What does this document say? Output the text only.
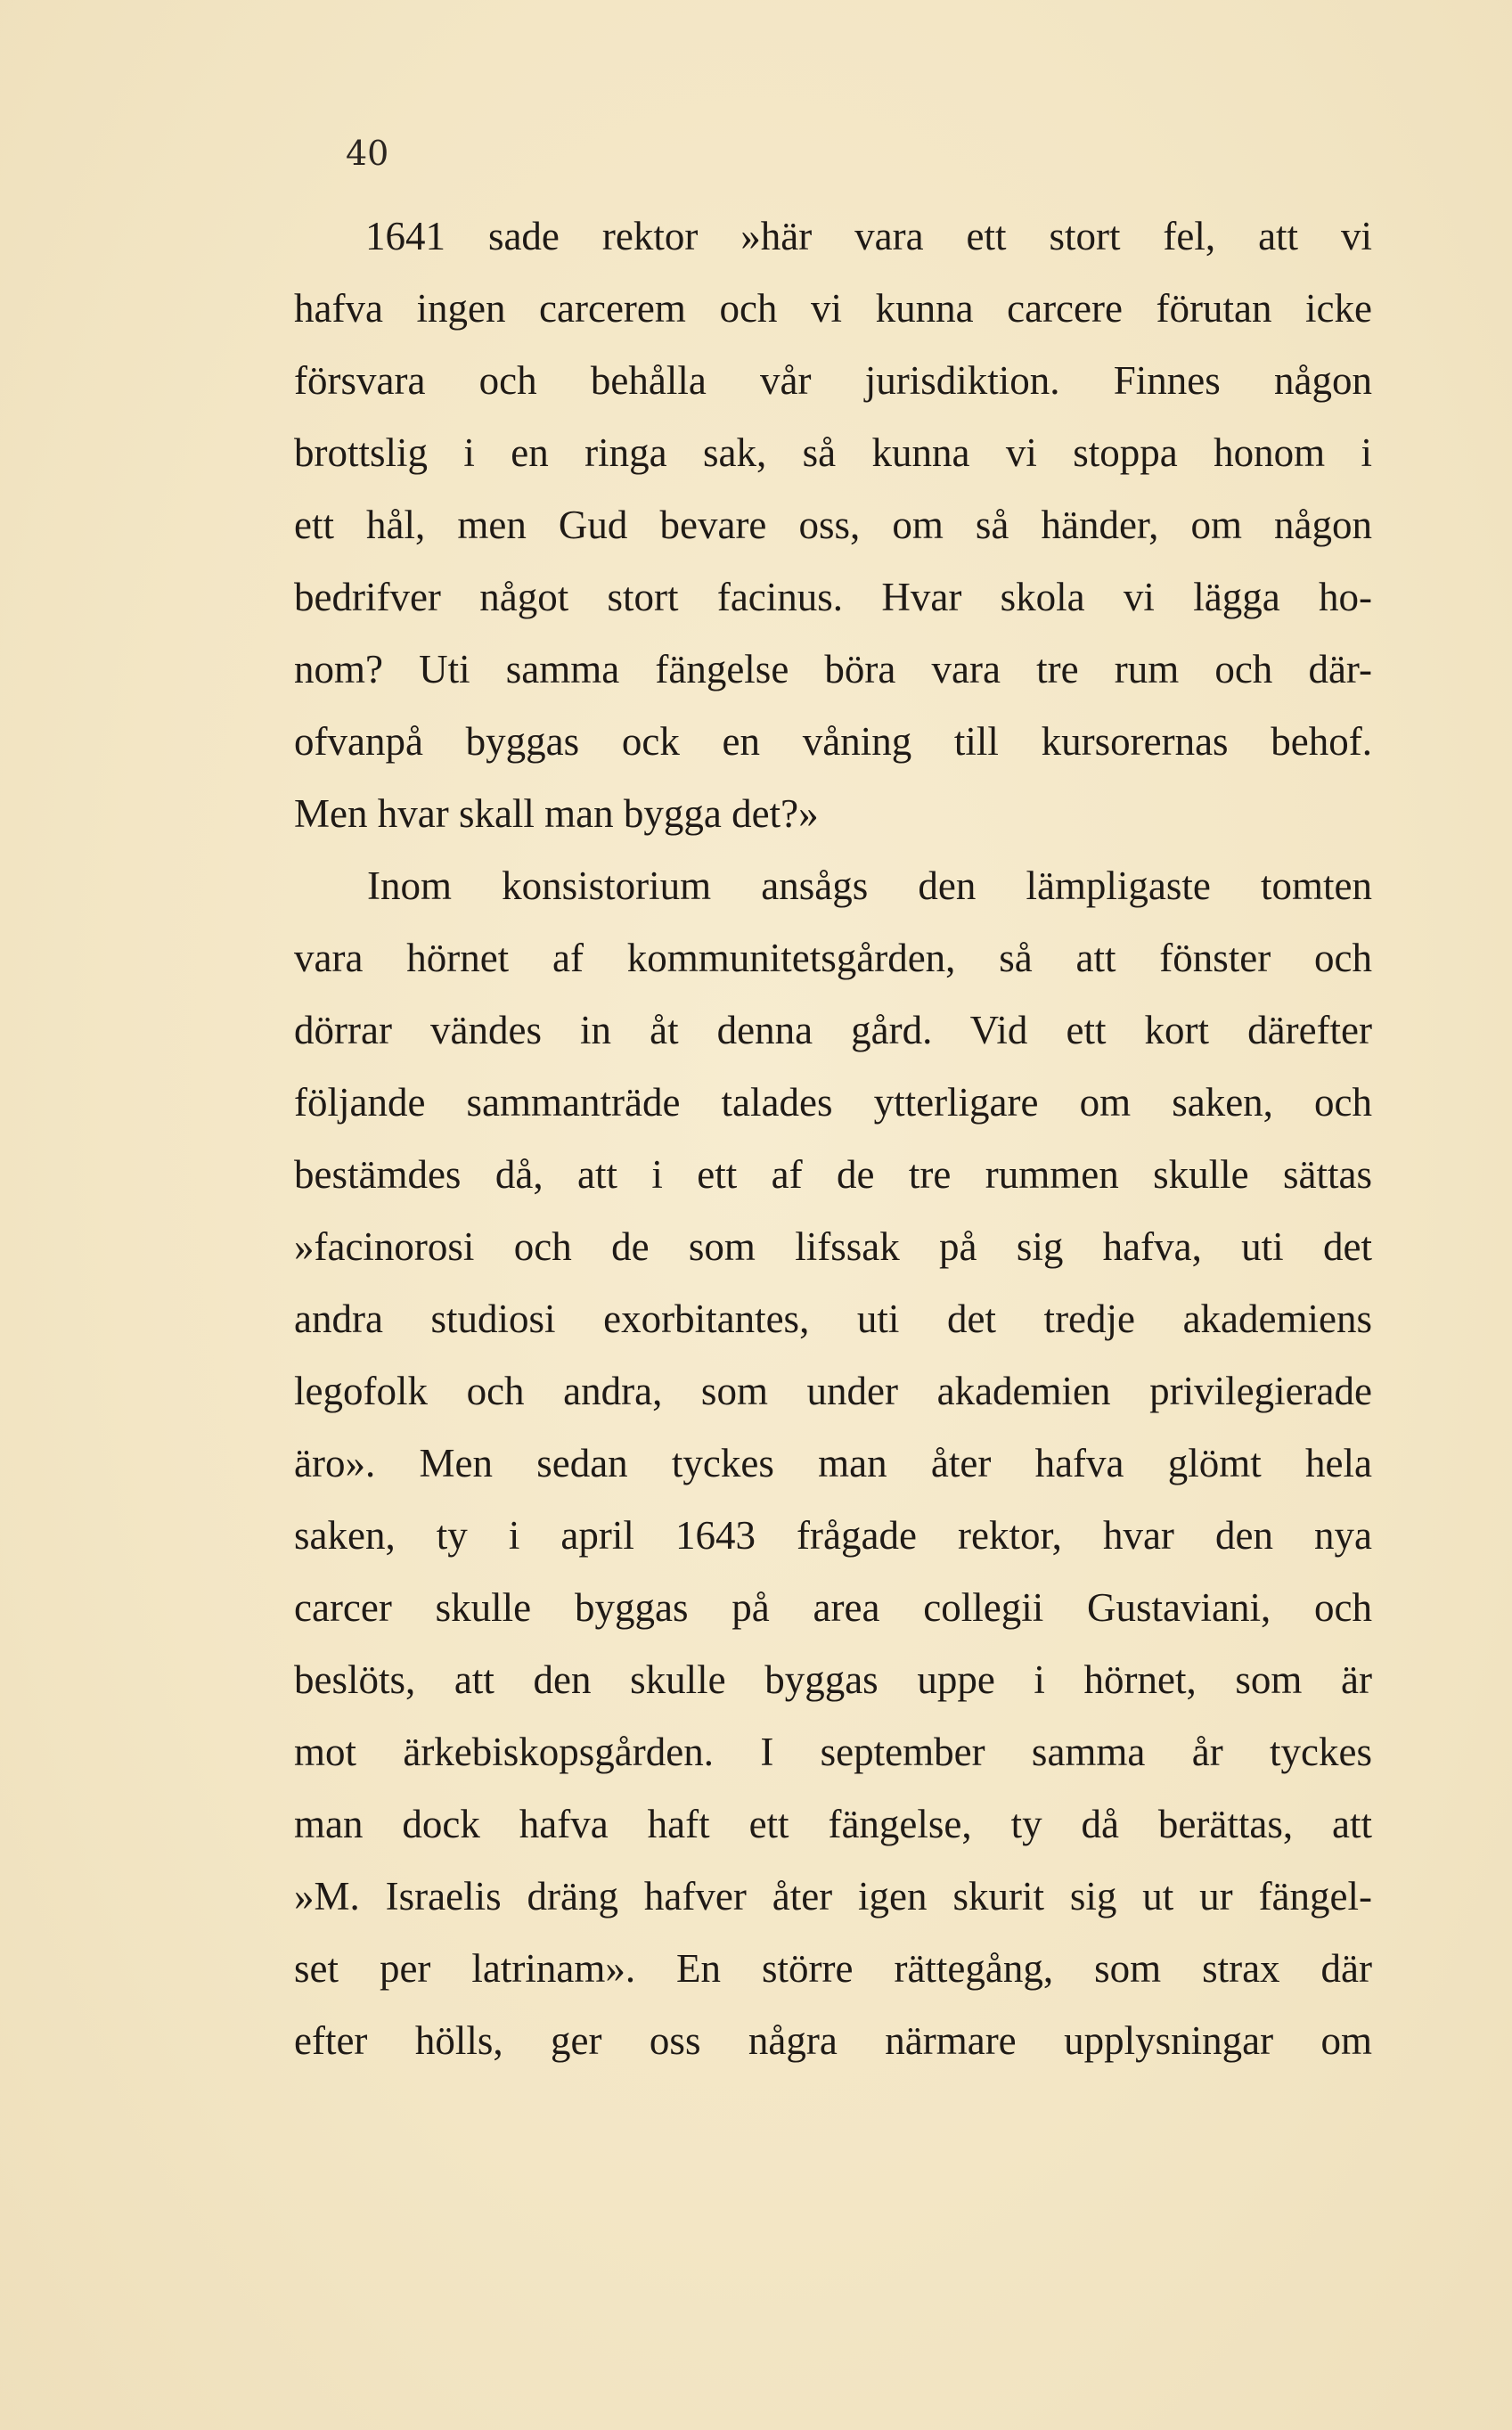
40

1641 sade rektor »här vara ett stort fel, att vi
hafva ingen carcerem och vi kunna carcere förutan icke
försvara och behålla vår jurisdiktion. Finnes någon
brottslig i en ringa sak, så kunna vi stoppa honom i
ett hål, men Gud bevare oss, om så händer, om någon
bedrifver något stort facinus. Hvar skola vi lägga ho-
nom? Uti samma fängelse böra vara tre rum och där-
ofvanpå byggas ock en våning till kursorernas behof.
Men hvar skall man bygga det?»
Inom konsistorium ansågs den lämpligaste tomten
vara hörnet af kommunitetsgården, så att fönster och
dörrar vändes in åt denna gård. Vid ett kort därefter
följande sammanträde talades ytterligare om saken, och
bestämdes då, att i ett af de tre rummen skulle sättas
»facinorosi och de som lifssak på sig hafva, uti det
andra studiosi exorbitantes, uti det tredje akademiens
legofolk och andra, som under akademien privilegierade
äro». Men sedan tyckes man åter hafva glömt hela
saken, ty i april 1643 frågade rektor, hvar den nya
carcer skulle byggas på area collegii Gustaviani, och
beslöts, att den skulle byggas uppe i hörnet, som är
mot ärkebiskopsgården. I september samma år tyckes
man dock hafva haft ett fängelse, ty då berättas, att
»M. Israelis dräng hafver åter igen skurit sig ut ur fängel-
set per latrinam». En större rättegång, som strax där
efter hölls, ger oss några närmare upplysningar om
